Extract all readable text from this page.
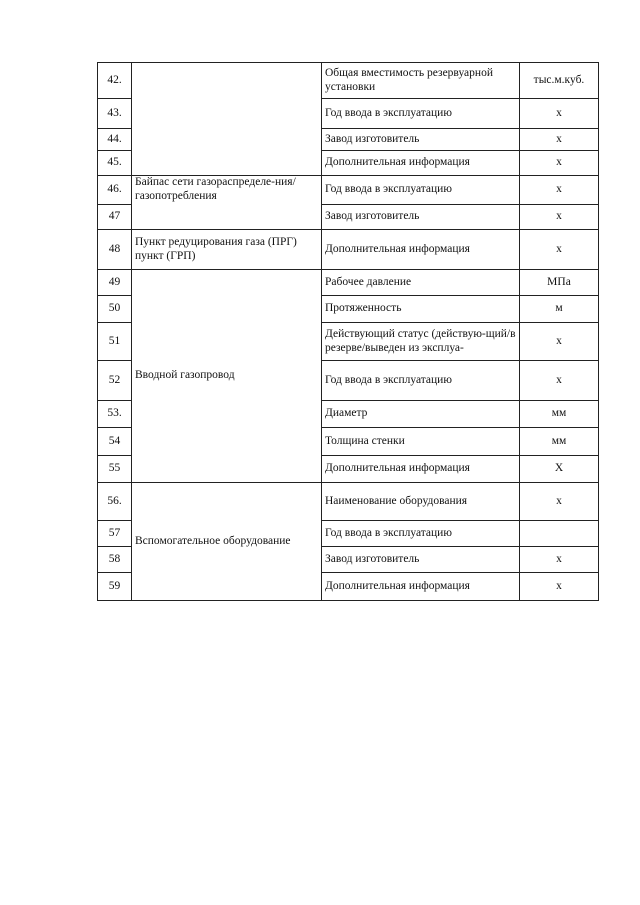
42.		Общая вместимость резервуарной установки	тыс.м.куб.
43.		Год ввода в эксплуатацию	х
44.		Завод изготовитель	х
45.		Дополнительная информация	х
46.	Байпас сети газораспределе-ния/газопотребления	Год ввода в эксплуатацию	х
47		Завод изготовитель	х
48	Пункт редуцирования газа (ПРГ) пункт (ГРП)	Дополнительная информация	х
49	Вводной газопровод	Рабочее давление	МПа
50		Протяженность	м
51		Действующий статус (действую-щий/в резерве/выведен из эксплуа-	х
52		Год ввода в эксплуатацию	х
53.		Диаметр	мм
54		Толщина стенки	мм
55		Дополнительная информация	Х
56.	Вспомогательное оборудование	Наименование оборудования	х
57		Год ввода в эксплуатацию	
58		Завод изготовитель	х
59		Дополнительная информация	х
